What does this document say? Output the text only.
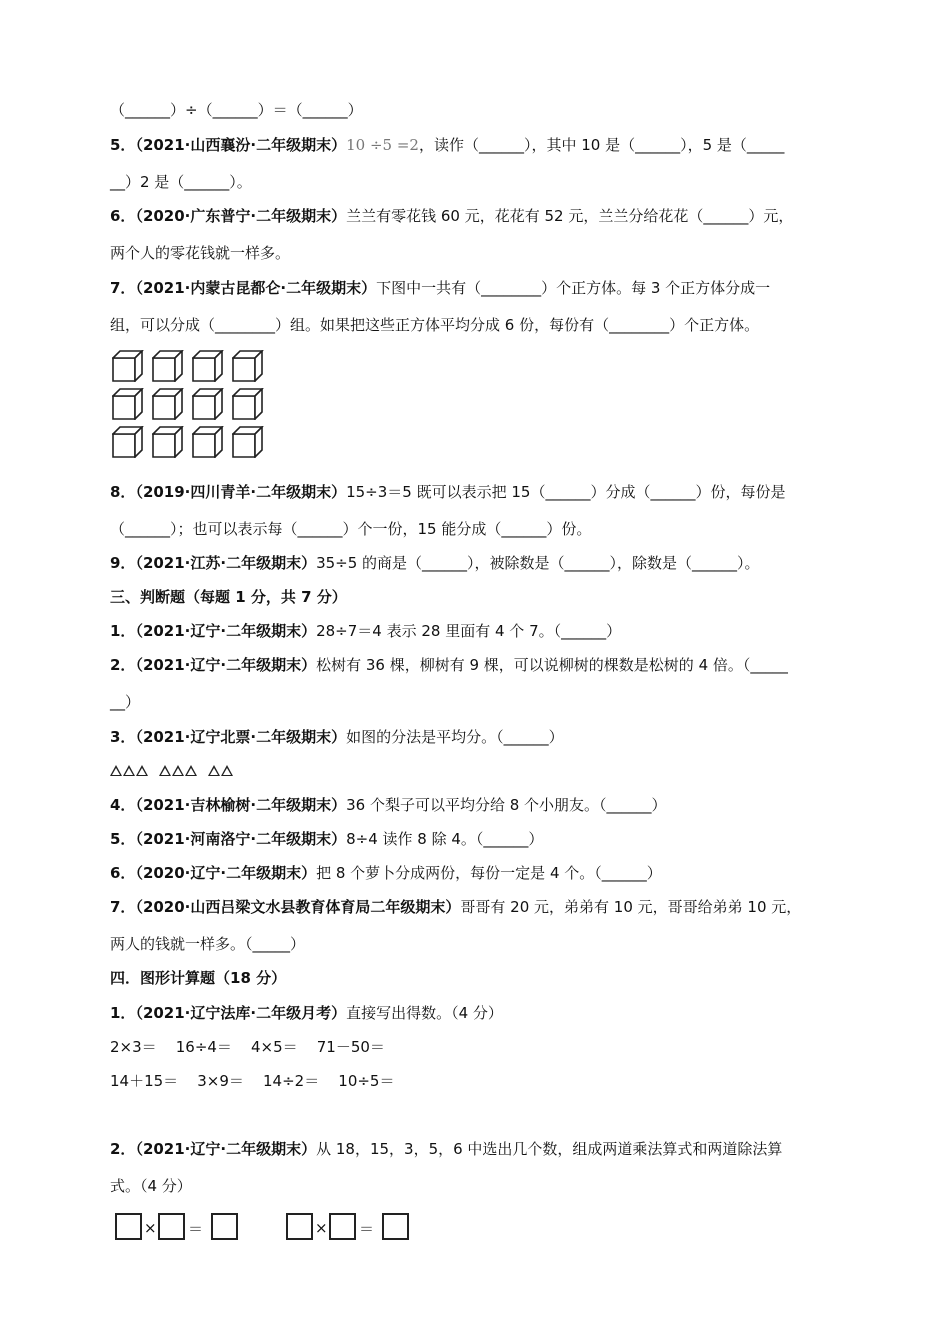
（______）÷（______）＝（______）
5．（2021·山西襄汾·二年级期末）10 ÷5 =2，读作（______），其中 10 是（______），5 是（_____
__）2 是（______）。
6．（2020·广东普宁·二年级期末）兰兰有零花钱 60 元，花花有 52 元，兰兰分给花花（______）元，
两个人的零花钱就一样多。
7．（2021·内蒙古昆都仑·二年级期末）下图中一共有（________）个正方体。每 3 个正方体分成一
组，可以分成（________）组。如果把这些正方体平均分成 6 份，每份有（________）个正方体。
8．（2019·四川青羊·二年级期末）15÷3＝5 既可以表示把 15（______）分成（______）份，每份是
（______）；也可以表示每（______）个一份，15 能分成（______）份。
9．（2021·江苏·二年级期末）35÷5 的商是（______），被除数是（______），除数是（______）。
三、判断题（每题 1 分，共 7 分）
1．（2021·辽宁·二年级期末）28÷7＝4 表示 28 里面有 4 个 7。（______）
2．（2021·辽宁·二年级期末）松树有 36 棵，柳树有 9 棵，可以说柳树的棵数是松树的 4 倍。（_____
__）
3．（2021·辽宁北票·二年级期末）如图的分法是平均分。（______）
4．（2021·吉林榆树·二年级期末）36 个梨子可以平均分给 8 个小朋友。（______）
5．（2021·河南洛宁·二年级期末）8÷4 读作 8 除 4。（______）
6．（2020·辽宁·二年级期末）把 8 个萝卜分成两份，每份一定是 4 个。（______）
7．（2020·山西吕梁文水县教育体育局二年级期末）哥哥有 20 元，弟弟有 10 元，哥哥给弟弟 10 元，
两人的钱就一样多。（_____）
四．图形计算题（18 分）
1．（2021·辽宁法库·二年级月考）直接写出得数。（4 分）
2×3＝ 16÷4＝ 4×5＝ 71－50＝
14＋15＝ 3×9＝ 14÷2＝ 10÷5＝
2．（2021·辽宁·二年级期末）从 18，15，3，5，6 中选出几个数，组成两道乘法算式和两道除法算
式。（4 分）
× ＝	× ＝
